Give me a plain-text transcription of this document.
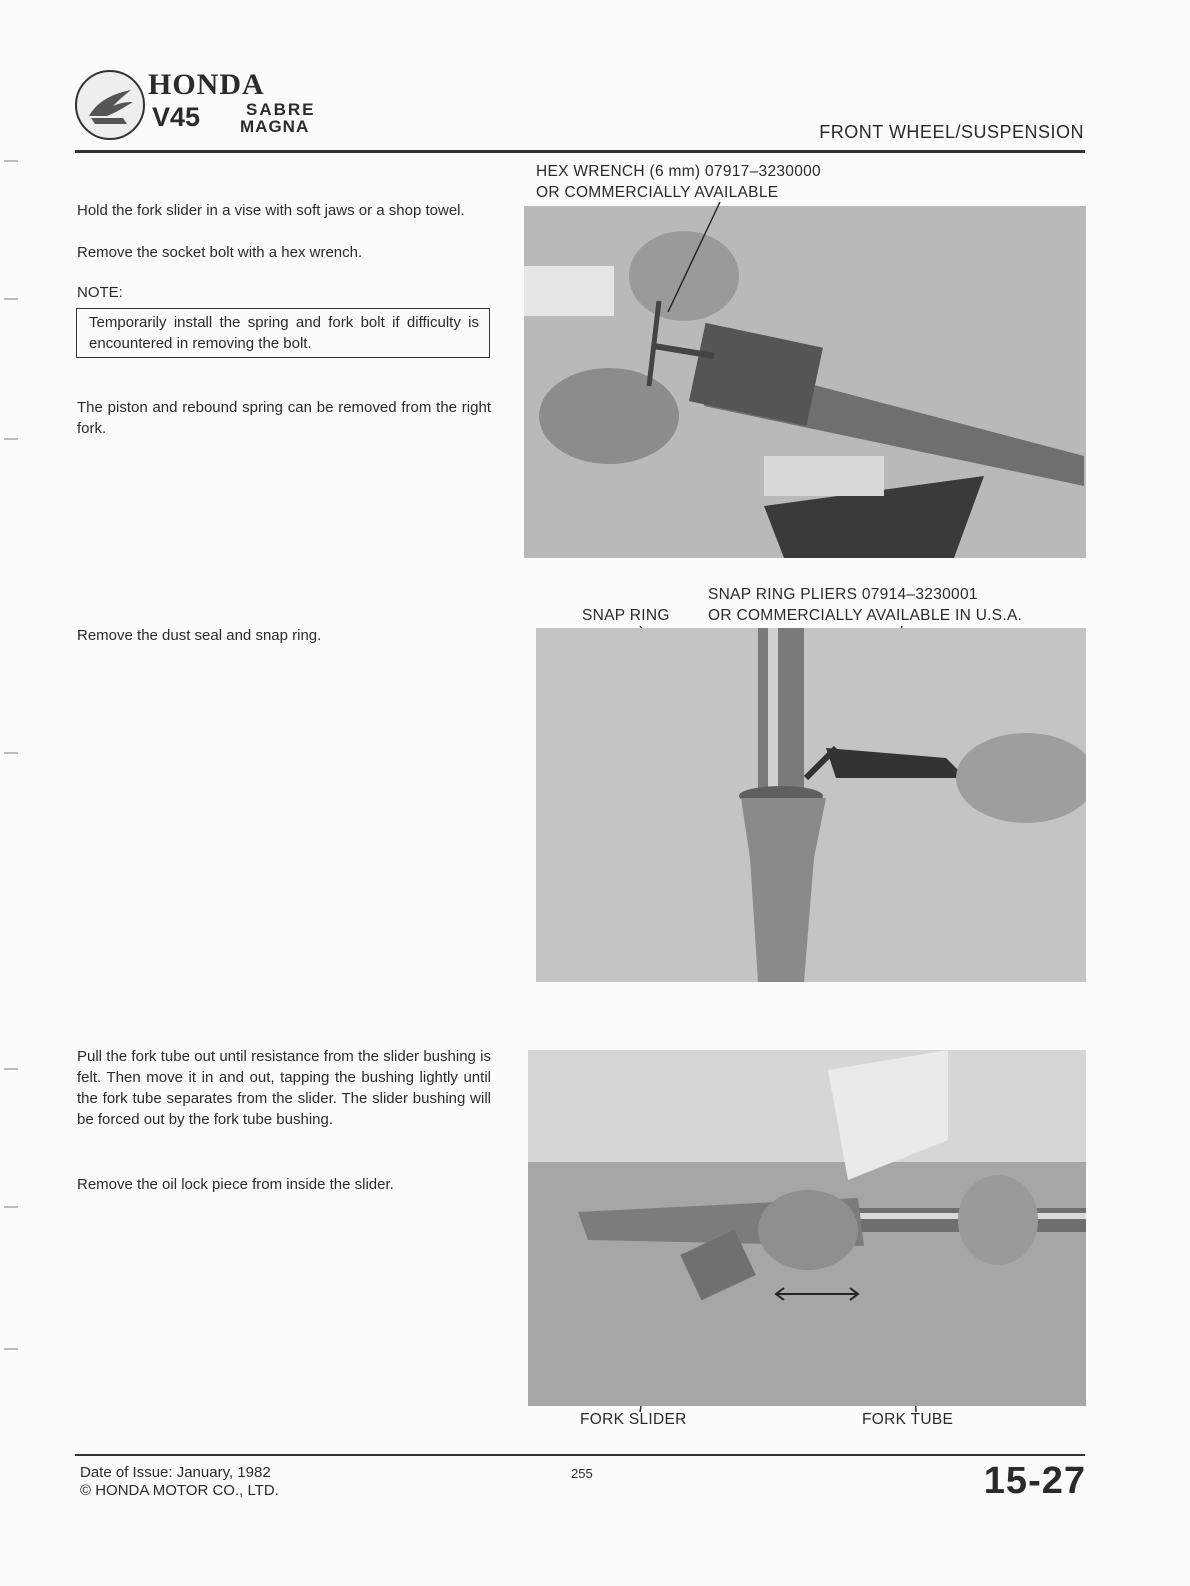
HONDA
V45	SABRE
MAGNA	FRONT WHEEL/SUSPENSION
Hold the fork slider in a vise with soft jaws or a shop towel.
Remove the socket bolt with a hex wrench.
NOTE:
Temporarily install the spring and fork bolt if difficulty is encountered in removing the bolt.
The piston and rebound spring can be removed from the right fork.
HEX WRENCH (6 mm) 07917–3230000
OR COMMERCIALLY AVAILABLE
Remove the dust seal and snap ring.
SNAP RING PLIERS 07914–3230001
SNAP RING OR COMMERCIALLY AVAILABLE IN U.S.A.
Pull the fork tube out until resistance from the slider bushing is felt. Then move it in and out, tapping the bushing lightly until the fork tube separates from the slider. The slider bushing will be forced out by the fork tube bushing.
Remove the oil lock piece from inside the slider.
FORK SLIDER	FORK TUBE
Date of Issue: January, 1982
© HONDA MOTOR CO., LTD.
255	15-27
